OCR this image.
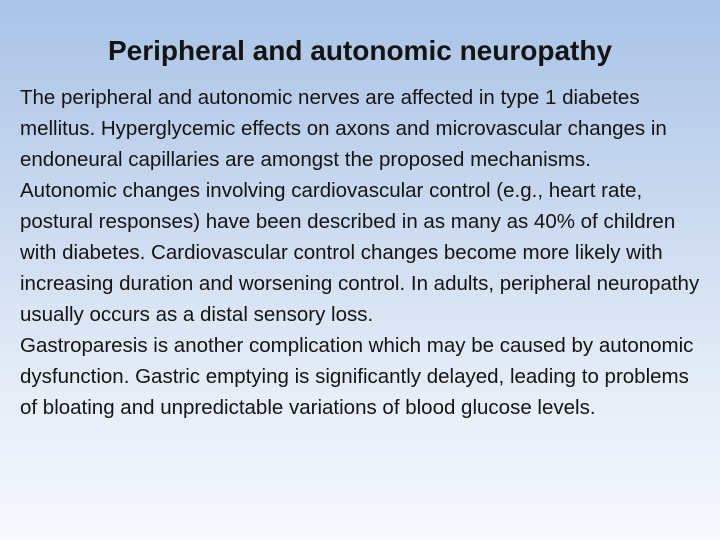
Peripheral and autonomic neuropathy

The peripheral and autonomic nerves are affected in type 1 diabetes mellitus. Hyperglycemic effects on axons and microvascular changes in endoneural capillaries are amongst the proposed mechanisms.

Autonomic changes involving cardiovascular control (e.g., heart rate, postural responses) have been described in as many as 40% of children with diabetes. Cardiovascular control changes become more likely with increasing duration and worsening control. In adults, peripheral neuropathy usually occurs as a distal sensory loss.

Gastroparesis is another complication which may be caused by autonomic dysfunction. Gastric emptying is significantly delayed, leading to problems of bloating and unpredictable variations of blood glucose levels.
